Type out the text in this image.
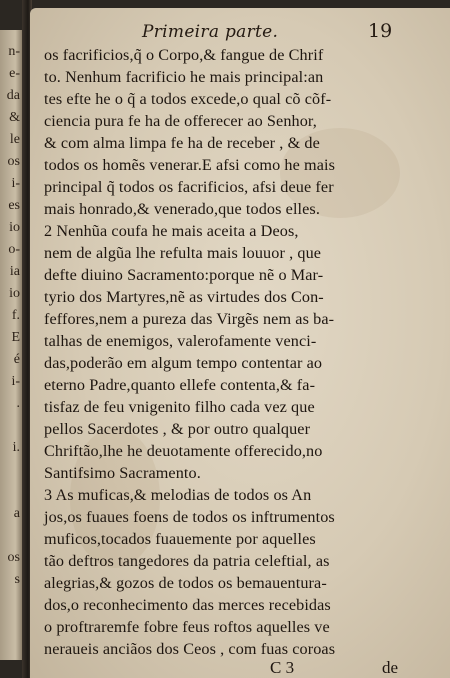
n-
e-
da
&
le
os
i-
es
io
o-
ia
io
f.
E
é
i-
.
i.
a
os
s
Primeira parte.	19
os facrificios,q̃ o Corpo,& fangue de Chrif
to. Nenhum facrificio he mais principal:an
tes efte he o q̃ a todos excede,o qual cõ cõf-
ciencia pura fe ha de offerecer ao Senhor,
& com alma limpa fe ha de receber , & de
todos os homẽs venerar.E afsi como he mais
principal q̃ todos os facrificios, afsi deue fer
mais honrado,& venerado,que todos elles.
2 Nenhũa coufa he mais aceita a Deos,
nem de algũa lhe refulta mais louuor , que
defte diuino Sacramento:porque nẽ o Mar-
tyrio dos Martyres,nẽ as virtudes dos Con-
feffores,nem a pureza das Virgẽs nem as ba-
talhas de enemigos, valerofamente venci-
das,poderão em algum tempo contentar ao
eterno Padre,quanto ellefe contenta,& fa-
tisfaz de feu vnigenito filho cada vez que
pellos Sacerdotes , & por outro qualquer
Chriftão,lhe he deuotamente offerecido,no
Santifsimo Sacramento.
3 As muficas,& melodias de todos os An
jos,os fuaues foens de todos os inftrumentos
muficos,tocados fuauemente por aquelles
tão deftros tangedores da patria celeftial, as
alegrias,& gozos de todos os bemauentura-
dos,o reconhecimento das merces recebidas
o proftraremfe fobre feus roftos aquelles ve
neraueis anciãos dos Ceos , com fuas coroas
C 3	de
